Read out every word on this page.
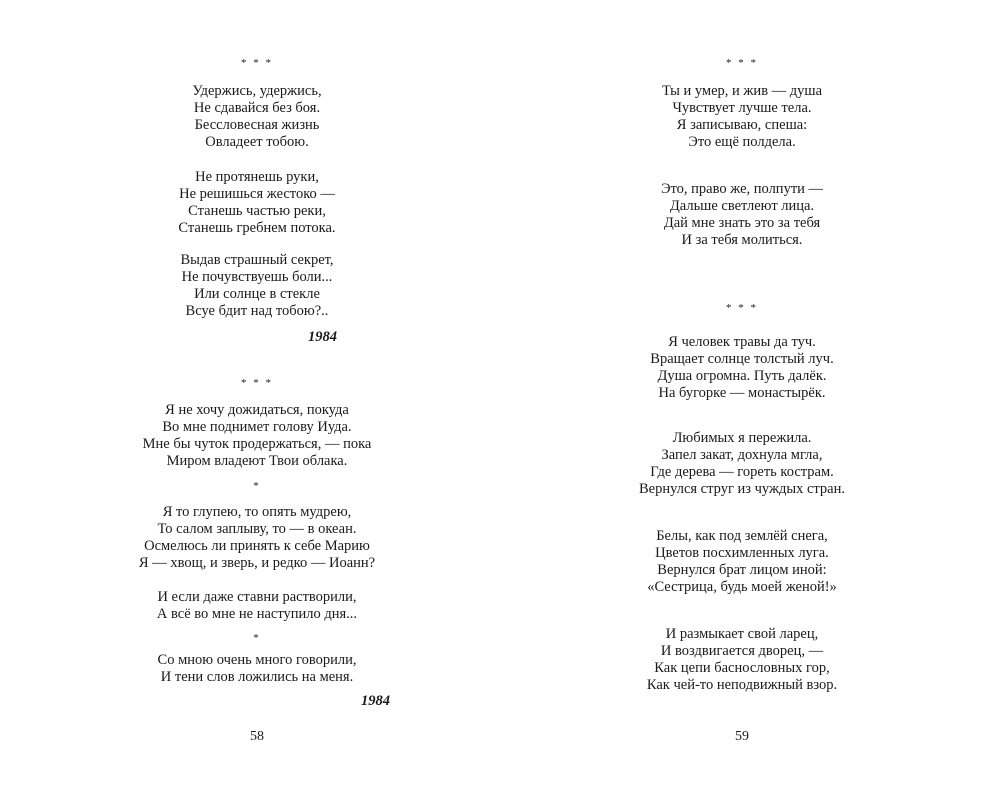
* * *
Удержись, удержись,
Не сдавайся без боя.
Бессловесная жизнь
Овладеет тобою.
Не протянешь руки,
Не решишься жестоко —
Станешь частью реки,
Станешь гребнем потока.
Выдав страшный секрет,
Не почувствуешь боли...
Или солнце в стекле
Всуе бдит над тобою?..
1984
* * *
Я не хочу дожидаться, покуда
Во мне поднимет голову Иуда.
Мне бы чуток продержаться, — пока
Миром владеют Твои облака.
*
Я то глупею, то опять мудрею,
То салом заплыву, то — в океан.
Осмелюсь ли принять к себе Марию
Я — хвощ, и зверь, и редко — Иоанн?
И если даже ставни растворили,
А всё во мне не наступило дня...
*
Со мною очень много говорили,
И тени слов ложились на меня.
1984
58
* * *
Ты и умер, и жив — душа
Чувствует лучше тела.
Я записываю, спеша:
Это ещё полдела.
Это, право же, полпути —
Дальше светлеют лица.
Дай мне знать это за тебя
И за тебя молиться.
* * *
Я человек травы да туч.
Вращает солнце толстый луч.
Душа огромна. Путь далёк.
На бугорке — монастырёк.
Любимых я пережила.
Запел закат, дохнула мгла,
Где дерева — гореть кострам.
Вернулся струг из чуждых стран.
Белы, как под землёй снега,
Цветов посхимленных луга.
Вернулся брат лицом иной:
«Сестрица, будь моей женой!»
И размыкает свой ларец,
И воздвигается дворец, —
Как цепи баснословных гор,
Как чей-то неподвижный взор.
59
